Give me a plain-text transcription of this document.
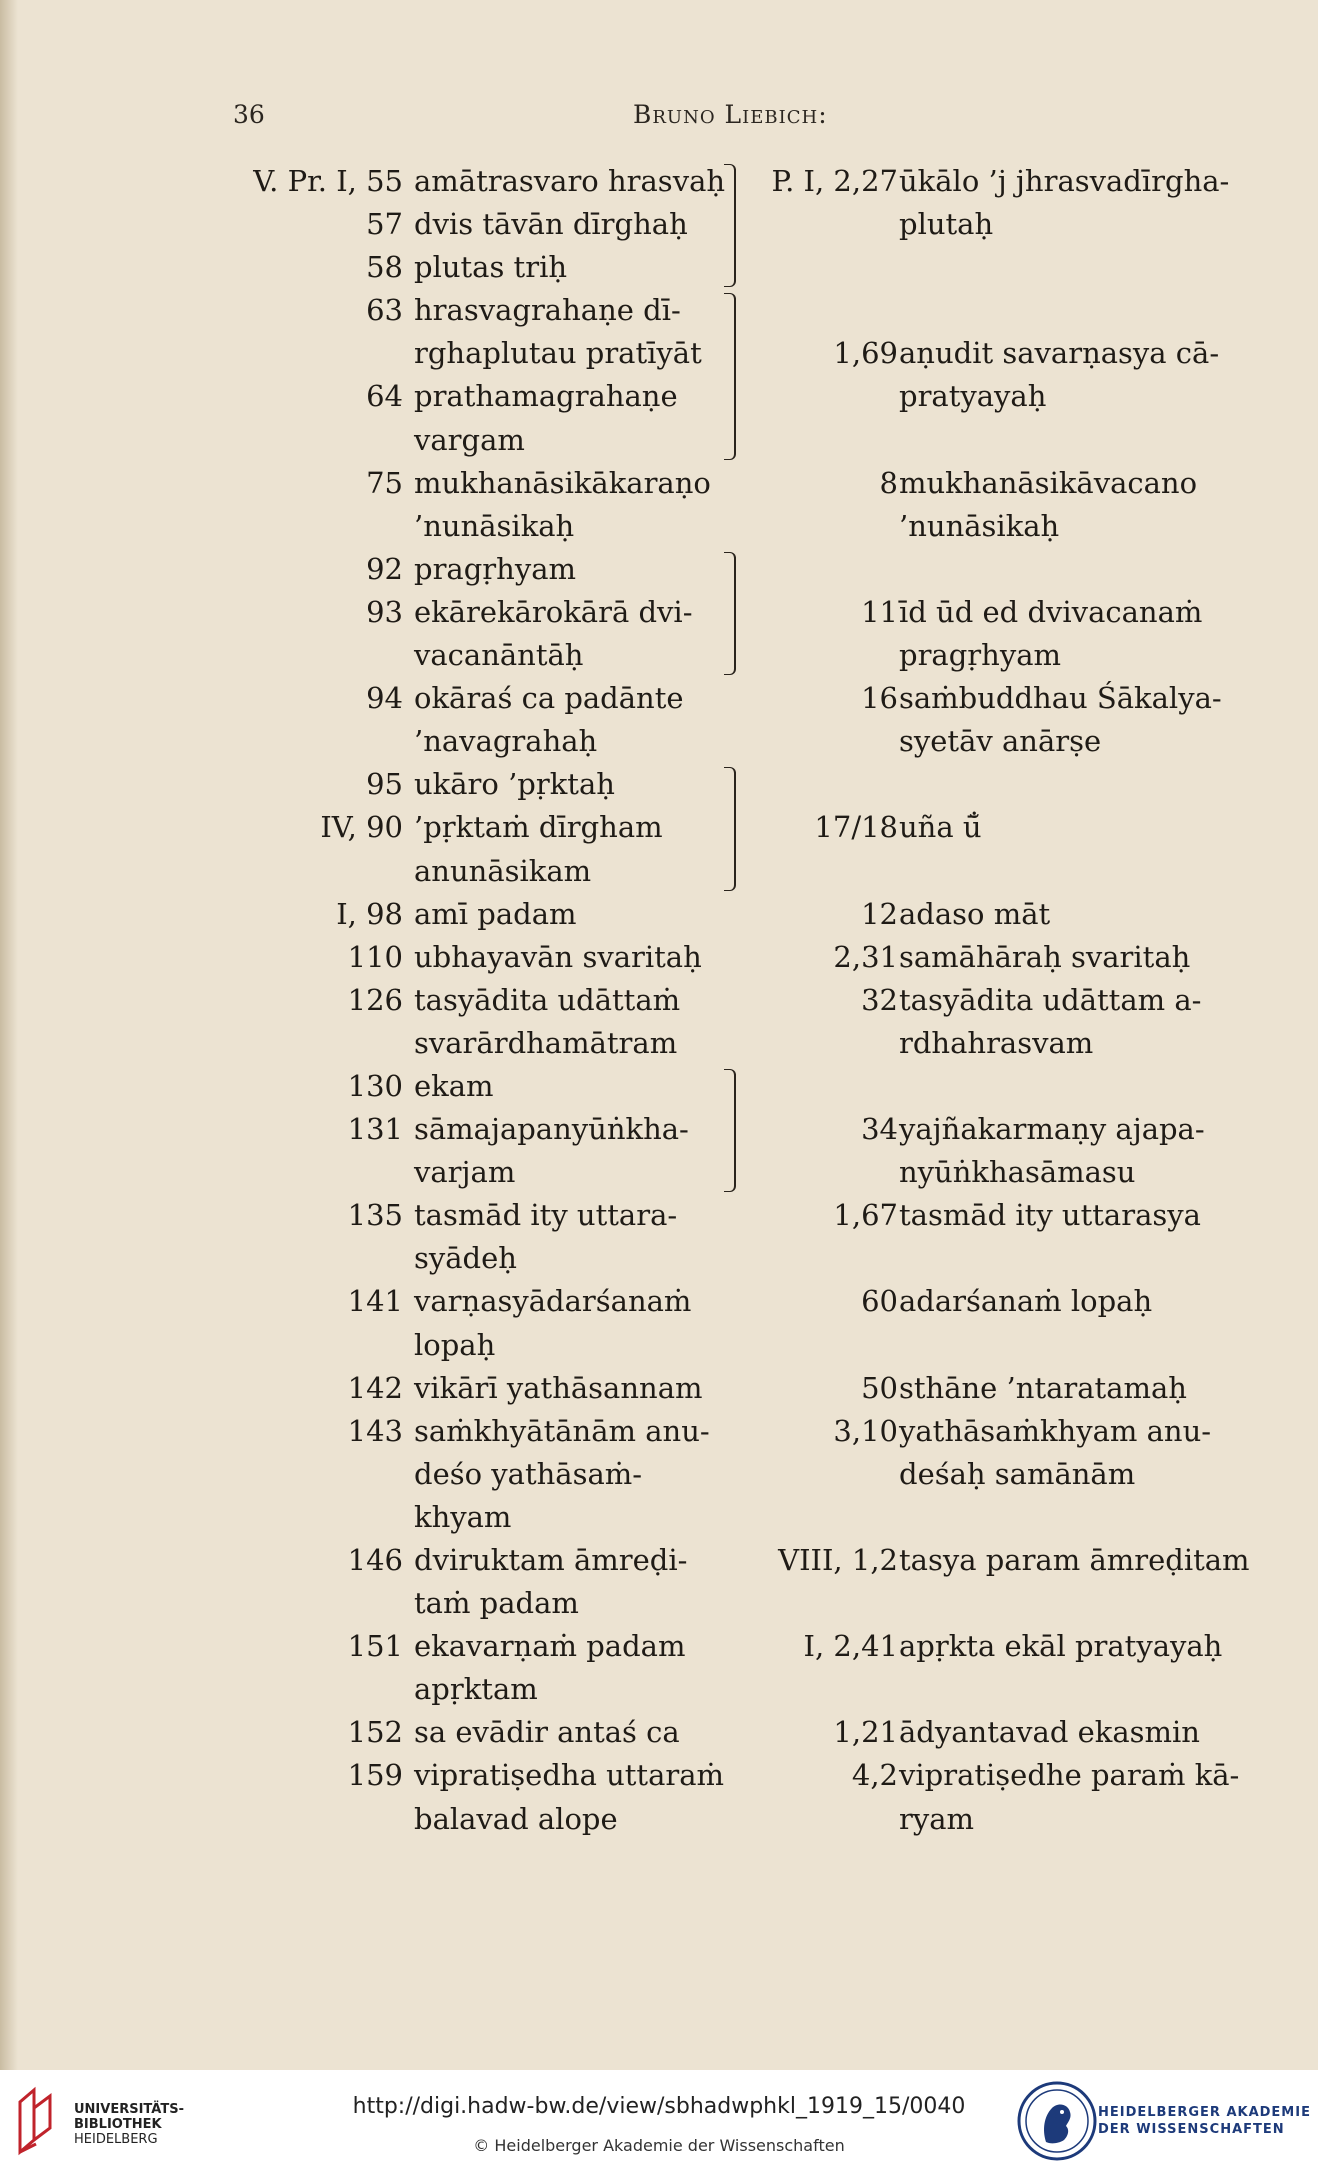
36	Bruno Liebich:
V. Pr. I, 55 amātrasvaro hrasvaḥ P. I, 2,27 ūkālo ’j jhrasvadīrgha-
57 dvis tāvān dīrghaḥ	plutaḥ
58 plutas triḥ
63 hrasvagrahaṇe dī-
rghaplutau pratīyāt	1,69 aṇudit savarṇasya cā-
64 prathamagrahaṇe	pratyayaḥ
vargam
75 mukhanāsikākaraṇo	8 mukhanāsikāvacano
’nunāsikaḥ	’nunāsikaḥ
92 pragṛhyam
93 ekārekārokārā dvi-	11 īd ūd ed dvivacanaṁ
vacanāntāḥ	pragṛhyam
94 okāraś ca padānte	16 saṁbuddhau Śākalya-
’navagrahaḥ	syetāv anārṣe
95 ukāro ’pṛktaḥ
IV, 90 ’pṛktaṁ dīrgham	17/18 uña ū̐
anunāsikam
I, 98 amī padam	12 adaso māt
110 ubhayavān svaritaḥ	2,31 samāhāraḥ svaritaḥ
126 tasyādita udāttaṁ	32 tasyādita udāttam a-
svarārdhamātram	rdhahrasvam
130 ekam
131 sāmajapanyūṅkha-	34 yajñakarmaṇy ajapa-
varjam	nyūṅkhasāmasu
135 tasmād ity uttara-	1,67 tasmād ity uttarasya
syādeḥ
141 varṇasyādarśanaṁ	60 adarśanaṁ lopaḥ
lopaḥ
142 vikārī yathāsannam	50 sthāne ’ntaratamaḥ
143 saṁkhyātānām anu-	3,10 yathāsaṁkhyam anu-
deśo yathāsaṁ-	deśaḥ samānām
khyam
146 dviruktam āmreḍi-	VIII, 1,2 tasya param āmreḍitam
taṁ padam
151 ekavarṇaṁ padam	I, 2,41 apṛkta ekāl pratyayaḥ
apṛktam
152 sa evādir antaś ca	1,21 ādyantavad ekasmin
159 vipratiṣedha uttaraṁ	4,2 vipratiṣedhe paraṁ kā-
balavad alope	ryam
UNIVERSITÄTS-
BIBLIOTHEK
HEIDELBERG
http://digi.hadw-bw.de/view/sbhadwphkl_1919_15/0040
© Heidelberger Akademie der Wissenschaften
HEIDELBERGER AKADEMIE
DER WISSENSCHAFTEN
